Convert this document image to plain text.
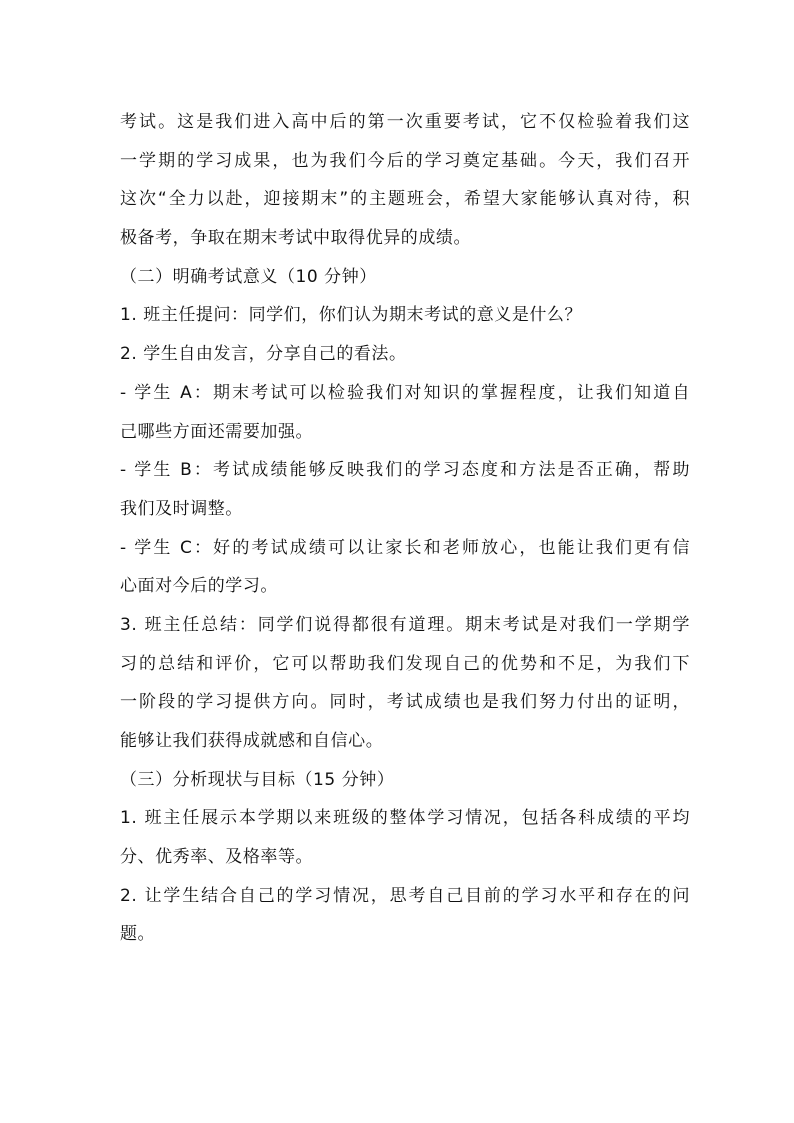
考试。这是我们进入高中后的第一次重要考试，它不仅检验着我们这
一学期的学习成果，也为我们今后的学习奠定基础。今天，我们召开
这次“全力以赴，迎接期末”的主题班会，希望大家能够认真对待，积
极备考，争取在期末考试中取得优异的成绩。
（二）明确考试意义（10 分钟）
1. 班主任提问：同学们，你们认为期末考试的意义是什么？
2. 学生自由发言，分享自己的看法。
- 学生 A：期末考试可以检验我们对知识的掌握程度，让我们知道自
己哪些方面还需要加强。
- 学生 B：考试成绩能够反映我们的学习态度和方法是否正确，帮助
我们及时调整。
- 学生 C：好的考试成绩可以让家长和老师放心，也能让我们更有信
心面对今后的学习。
3. 班主任总结：同学们说得都很有道理。期末考试是对我们一学期学
习的总结和评价，它可以帮助我们发现自己的优势和不足，为我们下
一阶段的学习提供方向。同时，考试成绩也是我们努力付出的证明，
能够让我们获得成就感和自信心。
（三）分析现状与目标（15 分钟）
1. 班主任展示本学期以来班级的整体学习情况，包括各科成绩的平均
分、优秀率、及格率等。
2. 让学生结合自己的学习情况，思考自己目前的学习水平和存在的问
题。
